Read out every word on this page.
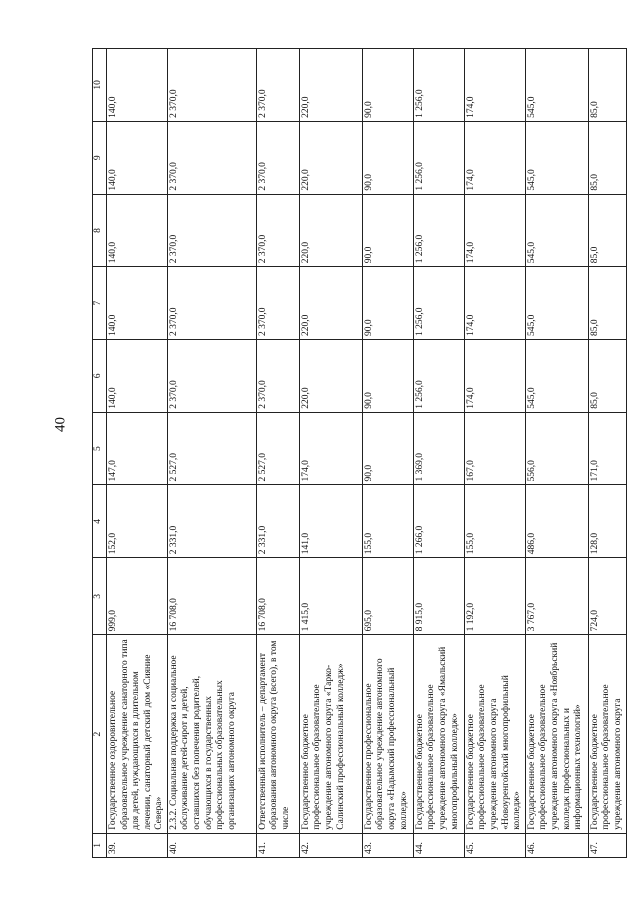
40
1	2	3	4	5	6	7	8	9	10
39.	Государственное оздоровительное образовательное учреждение санаторного типа для детей, нуждающихся в длительном лечении, санаторный детский дом «Сияние Севера»	999,0	152,0	147,0	140,0	140,0	140,0	140,0	140,0
40.	2.3.2. Социальная поддержка и социальное обслуживание детей-сирот и детей, оставшихся без попечения родителей, обучающихся в государственных профессиональных образовательных организациях автономного округа	16 708,0	2 331,0	2 527,0	2 370,0	2 370,0	2 370,0	2 370,0	2 370,0
41.	Ответственный исполнитель – департамент образования автономного округа (всего), в том числе	16 708,0	2 331,0	2 527,0	2 370,0	2 370,0	2 370,0	2 370,0	2 370,0
42.	Государственное бюджетное профессиональное образовательное учреждение автономного округа «Тарко-Салинский профессиональный колледж»	1 415,0	141,0	174,0	220,0	220,0	220,0	220,0	220,0
43.	Государственное профессиональное образовательное учреждение автономного округа «Надымский профессиональный колледж»	695,0	155,0	90,0	90,0	90,0	90,0	90,0	90,0
44.	Государственное бюджетное профессиональное образовательное учреждение автономного округа «Ямальский многопрофильный колледж»	8 915,0	1 266,0	1 369,0	1 256,0	1 256,0	1 256,0	1 256,0	1 256,0
45.	Государственное бюджетное профессиональное образовательное учреждение автономного округа «Новоуренгойский многопрофильный колледж»	1 192,0	155,0	167,0	174,0	174,0	174,0	174,0	174,0
46.	Государственное бюджетное профессиональное образовательное учреждение автономного округа «Ноябрьский колледж профессиональных и информационных технологий»	3 767,0	486,0	556,0	545,0	545,0	545,0	545,0	545,0
47.	Государственное бюджетное профессиональное образовательное учреждение автономного округа	724,0	128,0	171,0	85,0	85,0	85,0	85,0	85,0
